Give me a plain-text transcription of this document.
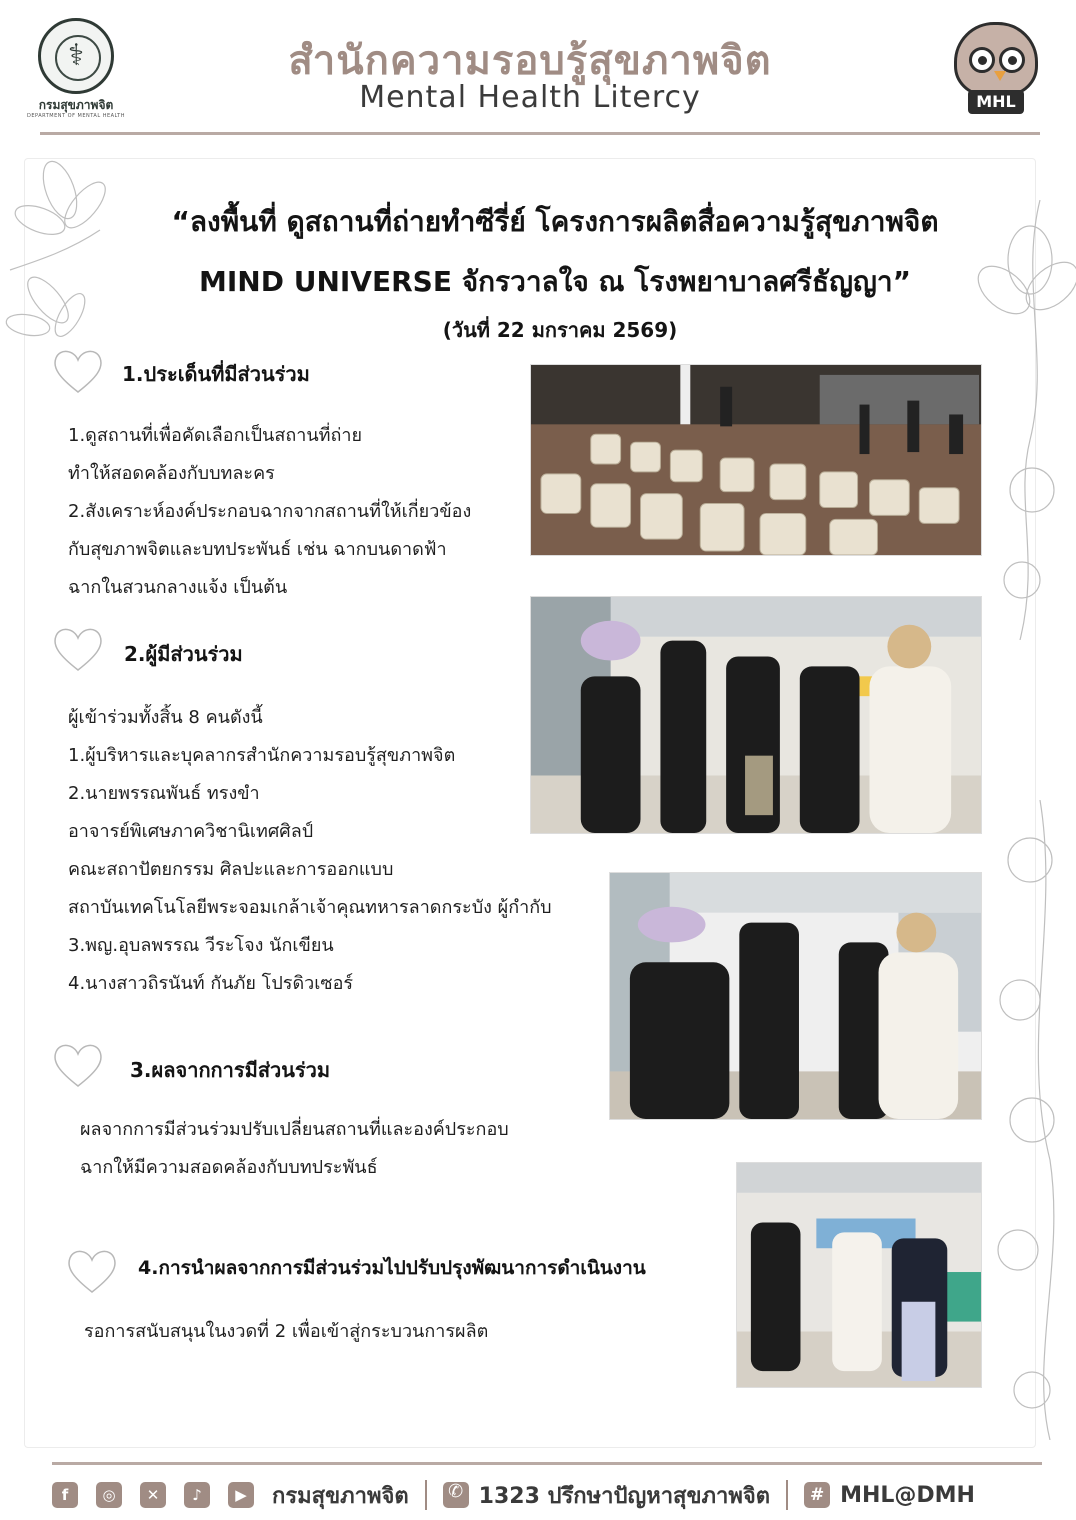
⚕
กรมสุขภาพจิต
DEPARTMENT OF MENTAL HEALTH
สำนักความรอบรู้สุขภาพจิต
Mental Health Litercy	MHL
“ลงพื้นที่ ดูสถานที่ถ่ายทำซีรี่ย์ โครงการผลิตสื่อความรู้สุขภาพจิต
MIND UNIVERSE จักรวาลใจ ณ โรงพยาบาลศรีธัญญา”
(วันที่ 22 มกราคม 2569)
1.ประเด็นที่มีส่วนร่วม
1.ดูสถานที่เพื่อคัดเลือกเป็นสถานที่ถ่าย
ทำให้สอดคล้องกับบทละคร
2.สังเคราะห์องค์ประกอบฉากจากสถานที่ให้เกี่ยวข้อง
กับสุขภาพจิตและบทประพันธ์ เช่น ฉากบนดาดฟ้า
ฉากในสวนกลางแจ้ง เป็นต้น
2.ผู้มีส่วนร่วม
ผู้เข้าร่วมทั้งสิ้น 8 คนดังนี้
1.ผู้บริหารและบุคลากรสำนักความรอบรู้สุขภาพจิต
2.นายพรรณพันธ์ ทรงขำ
อาจารย์พิเศษภาควิชานิเทศศิลป์
คณะสถาปัตยกรรม ศิลปะและการออกแบบ
สถาบันเทคโนโลยีพระจอมเกล้าเจ้าคุณทหารลาดกระบัง ผู้กำกับ
3.พญ.อุบลพรรณ วีระโจง นักเขียน
4.นางสาวถิรนันท์ กันภัย โปรดิวเซอร์
3.ผลจากการมีส่วนร่วม
ผลจากการมีส่วนร่วมปรับเปลี่ยนสถานที่และองค์ประกอบ
ฉากให้มีความสอดคล้องกับบทประพันธ์
4.การนำผลจากการมีส่วนร่วมไปปรับปรุงพัฒนาการดำเนินงาน
รอการสนับสนุนในงวดที่ 2 เพื่อเข้าสู่กระบวนการผลิต
f	◎	✕	♪	▶	กรมสุขภาพจิต
✆	1323 ปรึกษาปัญหาสุขภาพจิต	# MHL@DMH
